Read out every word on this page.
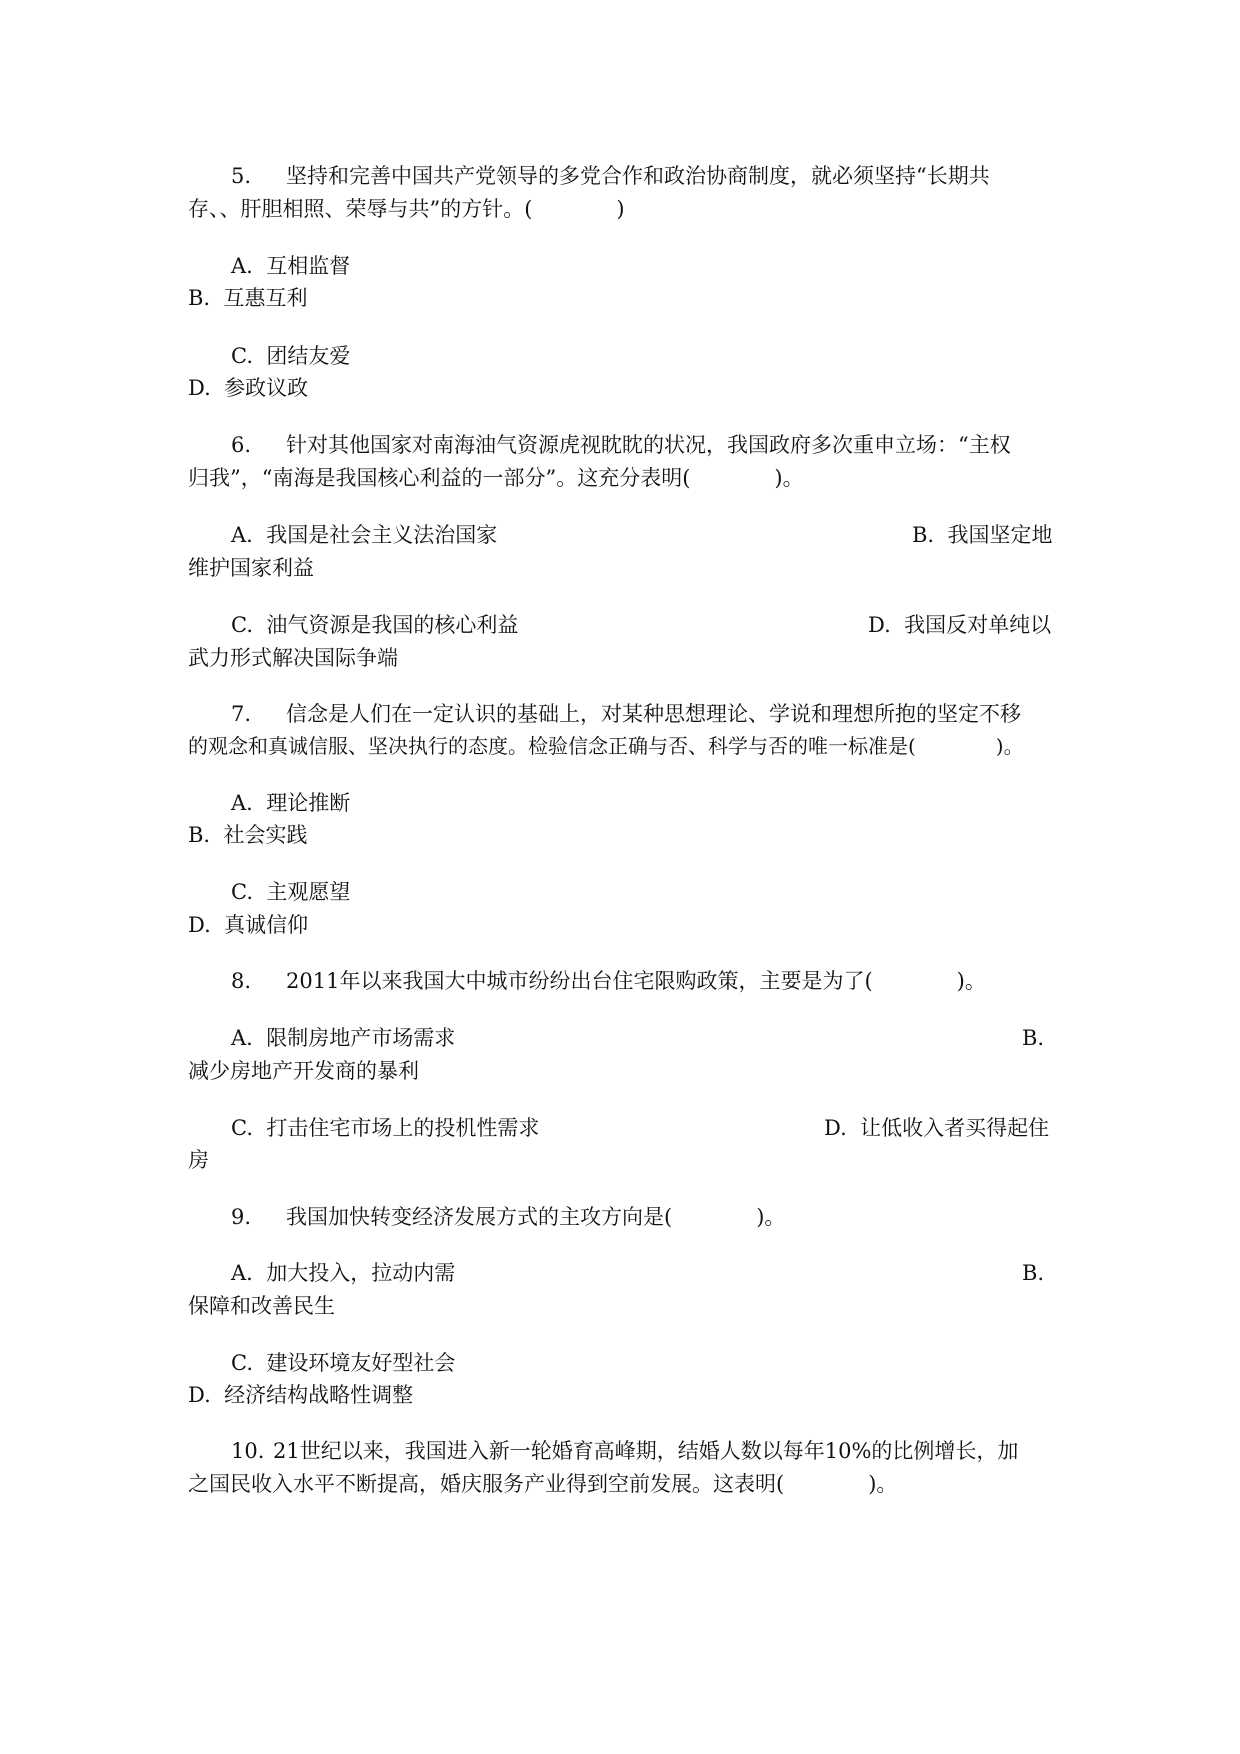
5. 坚持和完善中国共产党领导的多党合作和政治协商制度，就必须坚持“长期共

存、、肝胆相照、荣辱与共”的方针。(　　　　)

A.  互相监督

B.  互惠互利

C.  团结友爱

D.  参政议政

6. 针对其他国家对南海油气资源虎视眈眈的状况，我国政府多次重申立场：“主权

归我”，“南海是我国核心利益的一部分”。这充分表明(　　　　)。

A.  我国是社会主义法治国家	B.  我国坚定地

维护国家利益

C.  油气资源是我国的核心利益	D.  我国反对单纯以

武力形式解决国际争端

7. 信念是人们在一定认识的基础上，对某种思想理论、学说和理想所抱的坚定不移

的观念和真诚信服、坚决执行的态度。检验信念正确与否、科学与否的唯一标准是(　　　　)。

A.  理论推断

B.  社会实践

C.  主观愿望

D.  真诚信仰

8. 2011年以来我国大中城市纷纷出台住宅限购政策，主要是为了(　　　　)。

A.  限制房地产市场需求	B.

减少房地产开发商的暴利

C.  打击住宅市场上的投机性需求	D.  让低收入者买得起住

房

9. 我国加快转变经济发展方式的主攻方向是(　　　　)。

A.  加大投入，拉动内需	B.

保障和改善民生

C.  建设环境友好型社会

D.  经济结构战略性调整

10. 21世纪以来，我国进入新一轮婚育高峰期，结婚人数以每年10%的比例增长，加

之国民收入水平不断提高，婚庆服务产业得到空前发展。这表明(　　　　)。
